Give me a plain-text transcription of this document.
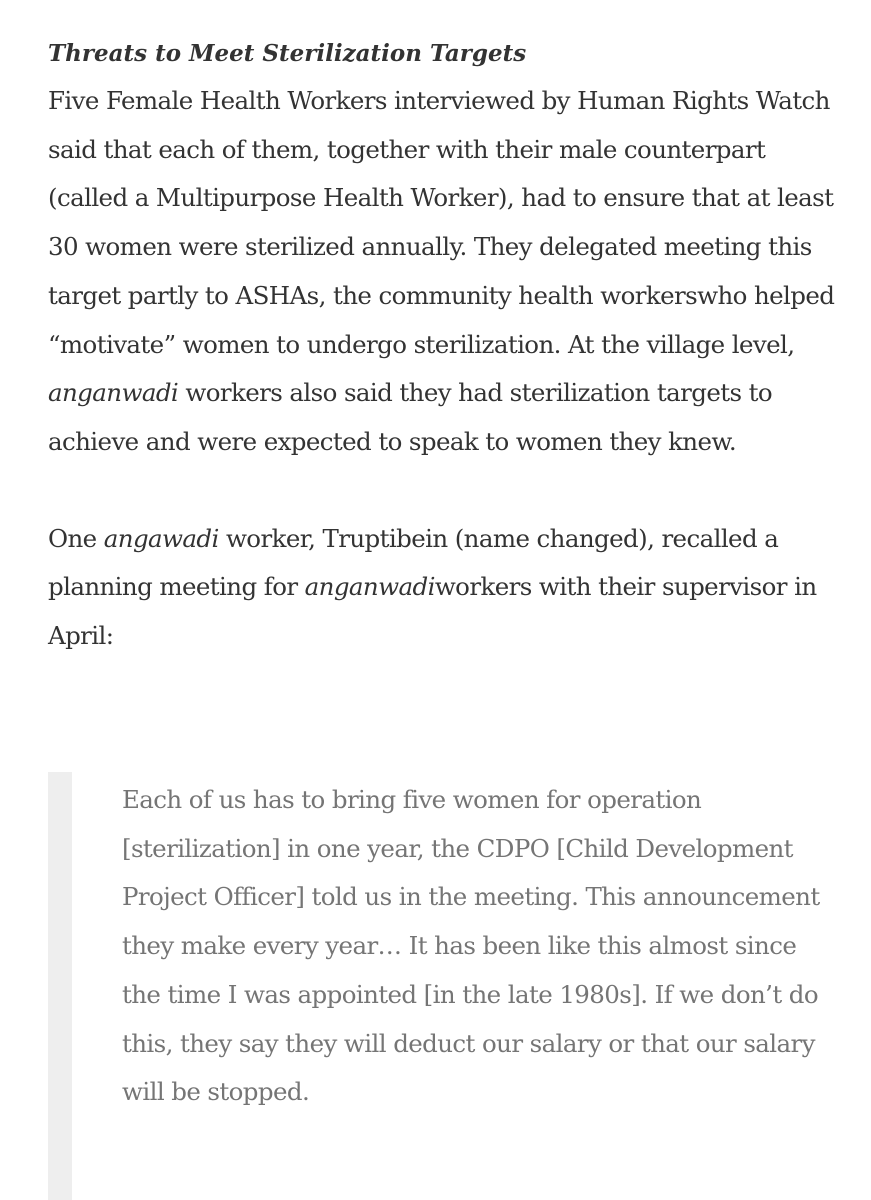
Threats to Meet Sterilization Targets

Five Female Health Workers interviewed by Human Rights Watch said that each of them, together with their male counterpart (called a Multipurpose Health Worker), had to ensure that at least 30 women were sterilized annually. They delegated meeting this target partly to ASHAs, the community health workerswho helped “motivate” women to undergo sterilization. At the village level, anganwadi workers also said they had sterilization targets to achieve and were expected to speak to women they knew.

One angawadi worker, Truptibein (name changed), recalled a planning meeting for anganwadiworkers with their supervisor in April:

Each of us has to bring five women for operation [sterilization] in one year, the CDPO [Child Development Project Officer] told us in the meeting. This announcement they make every year… It has been like this almost since the time I was appointed [in the late 1980s]. If we don’t do this, they say they will deduct our salary or that our salary will be stopped.
